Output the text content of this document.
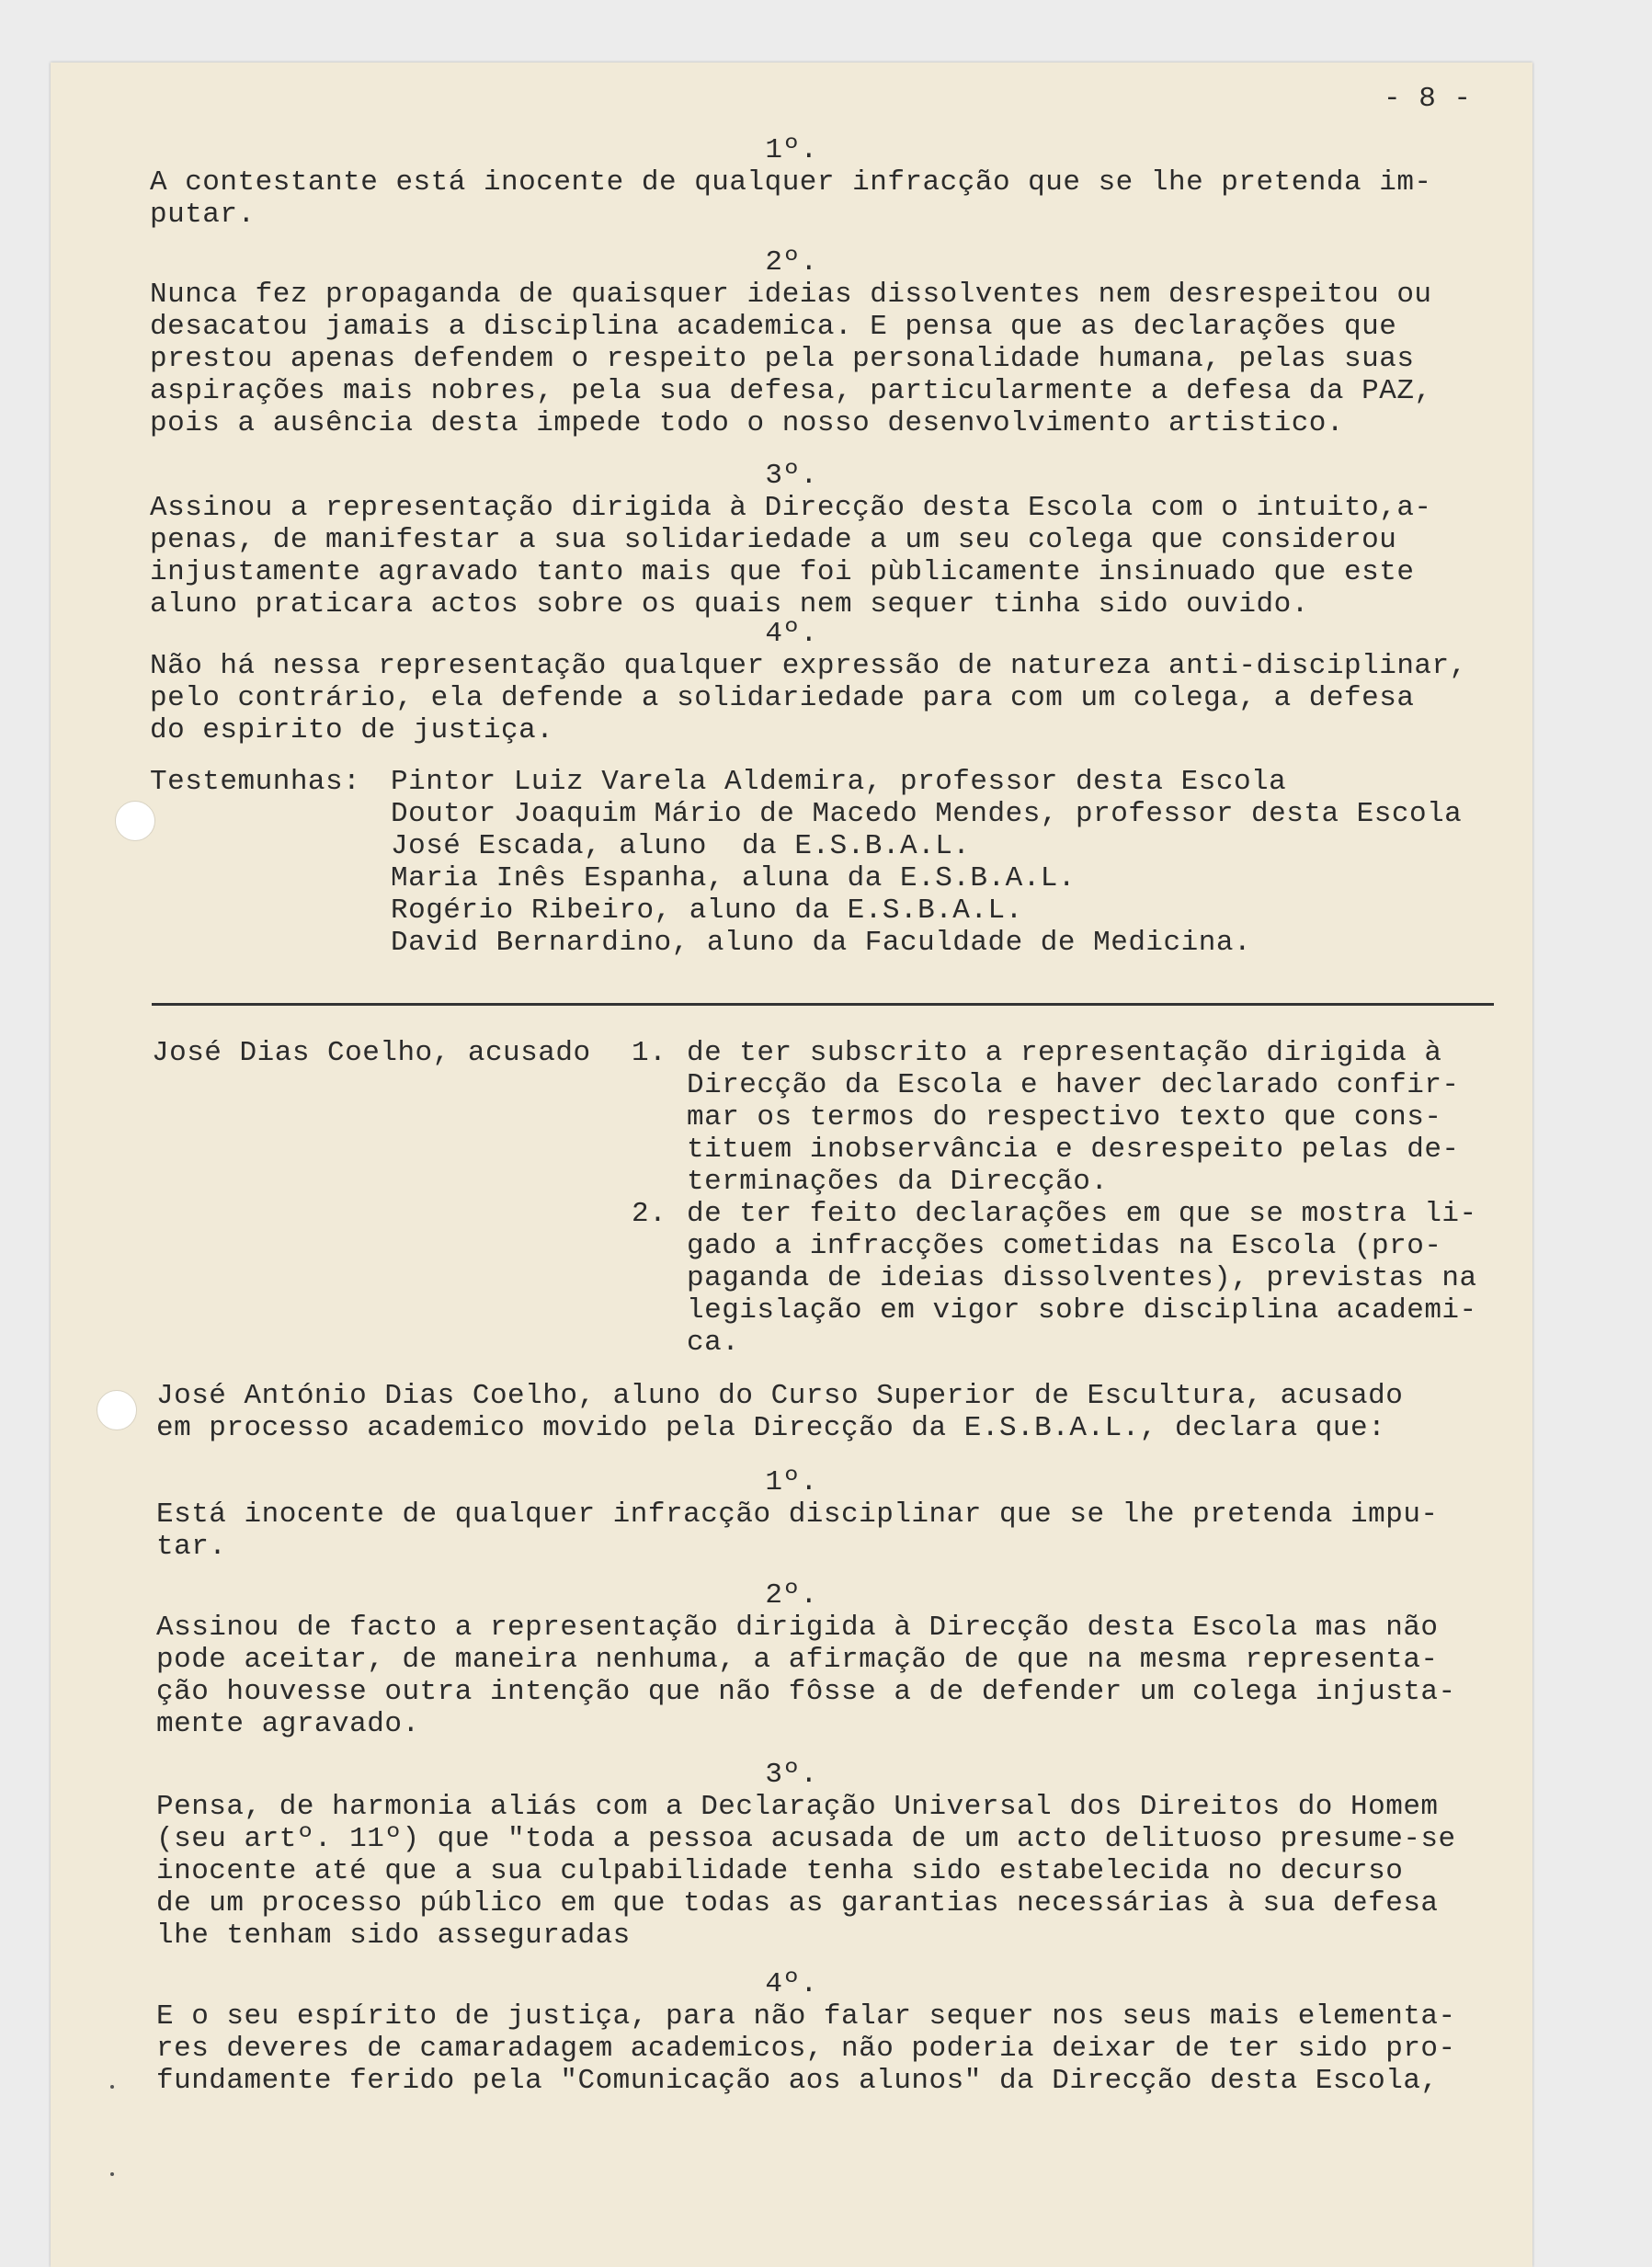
- 8 -
1º.
A contestante está inocente de qualquer infracção que se lhe pretenda im-
putar.
2º.
Nunca fez propaganda de quaisquer ideias dissolventes nem desrespeitou ou
desacatou jamais a disciplina academica. E pensa que as declarações que
prestou apenas defendem o respeito pela personalidade humana, pelas suas
aspirações mais nobres, pela sua defesa, particularmente a defesa da PAZ,
pois a ausência desta impede todo o nosso desenvolvimento artistico.
3º.
Assinou a representação dirigida à Direcção desta Escola com o intuito,a-
penas, de manifestar a sua solidariedade a um seu colega que considerou
injustamente agravado tanto mais que foi pùblicamente insinuado que este
aluno praticara actos sobre os quais nem sequer tinha sido ouvido.
4º.
Não há nessa representação qualquer expressão de natureza anti-disciplinar,
pelo contrário, ela defende a solidariedade para com um colega, a defesa
do espirito de justiça.
Testemunhas: Pintor Luiz Varela Aldemira, professor desta Escola
Doutor Joaquim Mário de Macedo Mendes, professor desta Escola
José Escada, aluno  da E.S.B.A.L.
Maria Inês Espanha, aluna da E.S.B.A.L.
Rogério Ribeiro, aluno da E.S.B.A.L.
David Bernardino, aluno da Faculdade de Medicina.
José Dias Coelho, acusado 1. de ter subscrito a representação dirigida à
Direcção da Escola e haver declarado confir-
mar os termos do respectivo texto que cons-
tituem inobservância e desrespeito pelas de-
terminações da Direcção.
2. de ter feito declarações em que se mostra li-
gado a infracções cometidas na Escola (pro-
paganda de ideias dissolventes), previstas na
legislação em vigor sobre disciplina academi-
ca.
José António Dias Coelho, aluno do Curso Superior de Escultura, acusado
em processo academico movido pela Direcção da E.S.B.A.L., declara que:
1º.
Está inocente de qualquer infracção disciplinar que se lhe pretenda impu-
tar.
2º.
Assinou de facto a representação dirigida à Direcção desta Escola mas não
pode aceitar, de maneira nenhuma, a afirmação de que na mesma representa-
ção houvesse outra intenção que não fôsse a de defender um colega injusta-
mente agravado.
3º.
Pensa, de harmonia aliás com a Declaração Universal dos Direitos do Homem
(seu artº. 11º) que "toda a pessoa acusada de um acto delituoso presume-se
inocente até que a sua culpabilidade tenha sido estabelecida no decurso
de um processo público em que todas as garantias necessárias à sua defesa
lhe tenham sido asseguradas
4º.
E o seu espírito de justiça, para não falar sequer nos seus mais elementa-
res deveres de camaradagem academicos, não poderia deixar de ter sido pro-
fundamente ferido pela "Comunicação aos alunos" da Direcção desta Escola,
